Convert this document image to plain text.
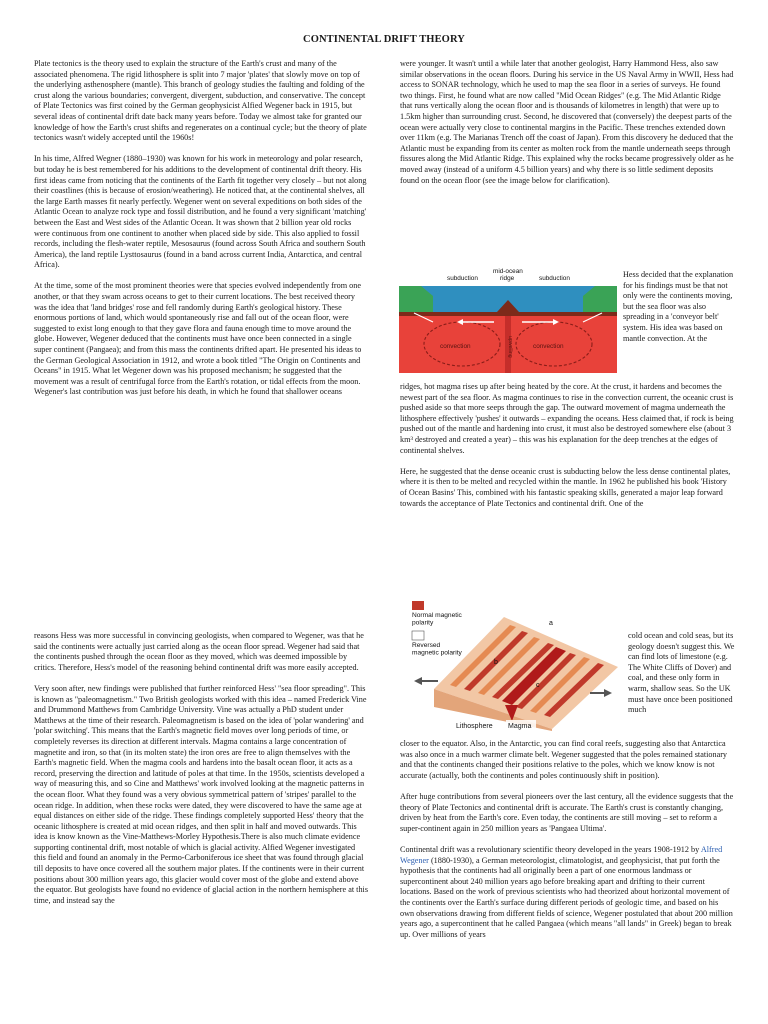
CONTINENTAL DRIFT THEORY

Plate tectonics is the theory used to explain the structure of the Earth's crust and many of the associated phenomena. The rigid lithosphere is split into 7 major 'plates' that slowly move on top of the underlying asthenosphere (mantle). This branch of geology studies the faulting and folding of the crust along the various boundaries; convergent, divergent, subduction, and conservative. The concept of Plate Tectonics was first coined by the German geophysicist Alfied Wegener back in 1915, but several ideas of continental drift date back many years before. Today we almost take for granted our knowledge of how the Earth's crust shifts and regenerates on a continual cycle; but the theory of plate tectonics wasn't widely accepted until the 1960s!

In his time, Alfred Wegner (1880–1930) was known for his work in meteorology and polar research, but today he is best remembered for his additions to the development of continental drift theory. His first ideas came from noticing that the continents of the Earth fit together very closely – but not along their coastlines (this is because of erosion/weathering). He noticed that, at the continental shelves, all the large Earth masses fit nearly perfectly. Wegener went on several expeditions on both sides of the Atlantic Ocean to analyze rock type and fossil distribution, and he found a very significant 'matching' between the East and West sides of the Atlantic Ocean. It was shown that 2 billion year old rocks were continuous from one continent to another when placed side by side. This also applied to fossil records, including the flesh-water reptile, Mesosaurus (found across South Africa and southern South America), the land reptile Lysttosaurus (found in a band across current India, Antarctica, and central Africa).

At the time, some of the most prominent theories were that species evolved independently from one another, or that they swam across oceans to get to their current locations. The best received theory was the idea that 'land bridges' rose and fell randomly during Earth's geological history. These enormous portions of land, which would spontaneously rise and fall out of the ocean floor, were suggested to exist long enough to that they gave flora and fauna enough time to move around the globe. However, Wegener deduced that the continents must have once been connected in a single super continent (Pangaea); and from this mass the continents drifted apart. He presented his ideas to the German Geological Association in 1912, and wrote a book titled "The Origin on Continents and Oceans" in 1915. What let Wegener down was his proposed mechanism; he suggested that the movement was a result of centrifugal force from the Earth's rotation, or tidal effects from the moon. Wegener's last contribution was just before his death, in which he found that shallower oceans

were younger. It wasn't until a while later that another geologist, Harry Hammond Hess, also saw similar observations in the ocean floors. During his service in the US Naval Army in WWII, Hess had access to SONAR technology, which he used to map the sea floor in a series of surveys. He found two things. First, he found what are now called "Mid Ocean Ridges" (e.g. The Mid Atlantic Ridge that runs vertically along the ocean floor and is thousands of kilometres in length) that were up to 1.5km higher than surrounding crust. Second, he discovered that (conversely) the deepest parts of the ocean were actually very close to continental margins in the Pacific. These trenches extended down over 11km (e.g. The Marianas Trench off the coast of Japan). From this discovery he deduced that the Atlantic must be expanding from its center as molten rock from the mantle underneath seeps through fissures along the Mid Atlantic Ridge. This explained why the rocks became progressively older as he moved away (instead of a uniform 4.5 billion years) and why there is so little sediment deposits found on the ocean floor (see the image below for clarification).

subduction
mid-ocean ridge	subduction
convection	convection
upwelling

Hess decided that the explanation for his findings must be that not only were the continents moving, but the sea floor was also spreading in a 'conveyor belt' system. His idea was based on mantle convection. At the

ridges, hot magma rises up after being heated by the core. At the crust, it hardens and becomes the newest part of the sea floor. As magma continues to rise in the convection current, the oceanic crust is pushed aside so that more seeps through the gap. The outward movement of magma underneath the lithosphere effectively 'pushes' it outwards – expanding the oceans. Hess claimed that, if rock is being pushed out of the mantle and hardening into crust, it must also be destroyed somewhere else (about 3 km³ destroyed and created a year) – this was his explanation for the deep trenches at the edges of continental shelves.

Here, he suggested that the dense oceanic crust is subducting below the less dense continental plates, where it is then to be melted and recycled within the mantle. In 1962 he published his book 'History of Ocean Basins' This, combined with his fantastic speaking skills, generated a major leap forward towards the acceptance of Plate Tectonics and continental drift. One of the

reasons Hess was more successful in convincing geologists, when compared to Wegener, was that he said the continents were actually just carried along as the ocean floor spread. Wegener had said that the continents pushed through the ocean floor as they moved, which was deemed impossible by critics. Therefore, Hess's model of the reasoning behind continental drift was more easily accepted.

Very soon after, new findings were published that further reinforced Hess' "sea floor spreading". This is known as "paleomagnetism." Two British geologists worked with this idea – named Frederick Vine and Drummond Matthews from Cambridge University. Vine was actually a PhD student under Matthews at the time of their research. Paleomagnetism is based on the idea of 'polar wandering' and 'polar switching'. This means that the Earth's magnetic field moves over long periods of time, or completely reverses its direction at different intervals. Magma contains a large concentration of magnetite and iron, so that (in its molten state) the iron ores are free to align themselves with the Earth's magnetic field. When the magma cools and hardens into the basalt ocean floor, it acts as a record, preserving the direction and latitude of poles at that time. In the 1950s, scientists developed a way of measuring this, and so Cine and Matthews' work involved looking at the magnetic patterns in the ocean floor. What they found was a very obvious symmetrical pattern of 'stripes' parallel to the ocean ridge. In addition, when these rocks were dated, they were discovered to have the same age at equal distances on either side of the ridge. These findings completely supported Hess' theory that the oceanic lithosphere is created at mid ocean ridges, and then split in half and moved outwards. This idea is know known as the Vine-Matthews-Morley Hypothesis.There is also much climate evidence supporting continental drift, most notable of which is glacial activity. Alfied Wegener investigated this field and found an anomaly in the Permo-Carboniferous ice sheet that was found through glacial till deposits to have once covered all the southern major plates. If the continents were in their current positions about 300 million years ago, this glacier would cover most of the globe and extend above the equator. But geologists have found no evidence of glacial action in the northern hemisphere at this time, and instead say the

Normal magnetic polarity
Reversed magnetic polarity
b
a
c
Lithosphere Magma

cold ocean and cold seas, but its geology doesn't suggest this. We can find lots of limestone (e.g. The White Cliffs of Dover) and coal, and these only form in warm, shallow seas. So the UK must have once been positioned much

closer to the equator. Also, in the Antarctic, you can find coral reefs, suggesting also that Antarctica was also once in a much warmer climate belt. Wegener suggested that the poles remained stationary and that the continents changed their positions relative to the poles, which we know know is not accurate (actually, both the continents and poles continuously shift in position).

After huge contributions from several pioneers over the last century, all the evidence suggests that the theory of Plate Tectonics and continental drift is accurate. The Earth's crust is constantly changing, driven by heat from the Earth's core. Even today, the continents are still moving – set to reform a super-continent again in 250 million years as 'Pangaea Ultima'.

Continental drift was a revolutionary scientific theory developed in the years 1908-1912 by Alfred Wegener (1880-1930), a German meteorologist, climatologist, and geophysicist, that put forth the hypothesis that the continents had all originally been a part of one enormous landmass or supercontinent about 240 million years ago before breaking apart and drifting to their current locations. Based on the work of previous scientists who had theorized about horizontal movement of the continents over the Earth's surface during different periods of geologic time, and based on his own observations drawing from different fields of science, Wegener postulated that about 200 million years ago, a supercontinent that he called Pangaea (which means "all lands" in Greek) began to break up. Over millions of years
